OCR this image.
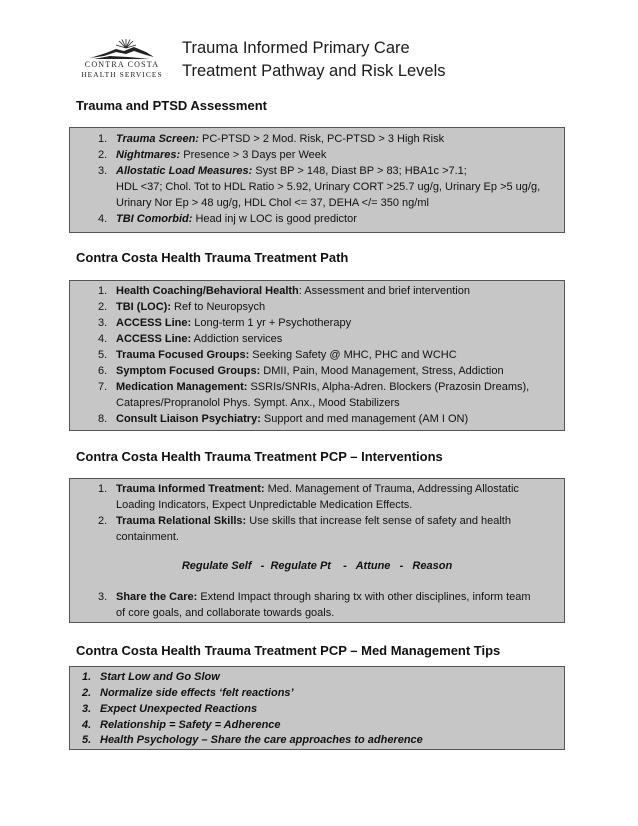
CONTRA COSTA
HEALTH SERVICES
Trauma Informed Primary Care
Treatment Pathway and Risk Levels
Trauma and PTSD Assessment
1. Trauma Screen: PC-PTSD > 2 Mod. Risk, PC-PTSD > 3 High Risk
2. Nightmares: Presence > 3 Days per Week
3. Allostatic Load Measures: Syst BP > 148, Diast BP > 83; HBA1c >7.1;
HDL <37; Chol. Tot to HDL Ratio > 5.92, Urinary CORT >25.7 ug/g, Urinary Ep >5 ug/g,
Urinary Nor Ep > 48 ug/g, HDL Chol <= 37, DEHA </= 350 ng/ml
4. TBI Comorbid: Head inj w LOC is good predictor
Contra Costa Health Trauma Treatment Path
1. Health Coaching/Behavioral Health: Assessment and brief intervention
2. TBI (LOC): Ref to Neuropsych
3. ACCESS Line: Long-term 1 yr + Psychotherapy
4. ACCESS Line: Addiction services
5. Trauma Focused Groups: Seeking Safety @ MHC, PHC and WCHC
6. Symptom Focused Groups: DMII, Pain, Mood Management, Stress, Addiction
7. Medication Management: SSRIs/SNRIs, Alpha-Adren. Blockers (Prazosin Dreams),
Catapres/Propranolol Phys. Sympt. Anx., Mood Stabilizers
8. Consult Liaison Psychiatry: Support and med management (AM I ON)
Contra Costa Health Trauma Treatment PCP – Interventions
1. Trauma Informed Treatment: Med. Management of Trauma, Addressing Allostatic
Loading Indicators, Expect Unpredictable Medication Effects.
2. Trauma Relational Skills: Use skills that increase felt sense of safety and health
containment.
Regulate Self   -  Regulate Pt    -   Attune   -   Reason
3. Share the Care: Extend Impact through sharing tx with other disciplines, inform team
of core goals, and collaborate towards goals.
Contra Costa Health Trauma Treatment PCP – Med Management Tips
1. Start Low and Go Slow
2. Normalize side effects ‘felt reactions’
3. Expect Unexpected Reactions
4. Relationship = Safety = Adherence
5. Health Psychology – Share the care approaches to adherence
